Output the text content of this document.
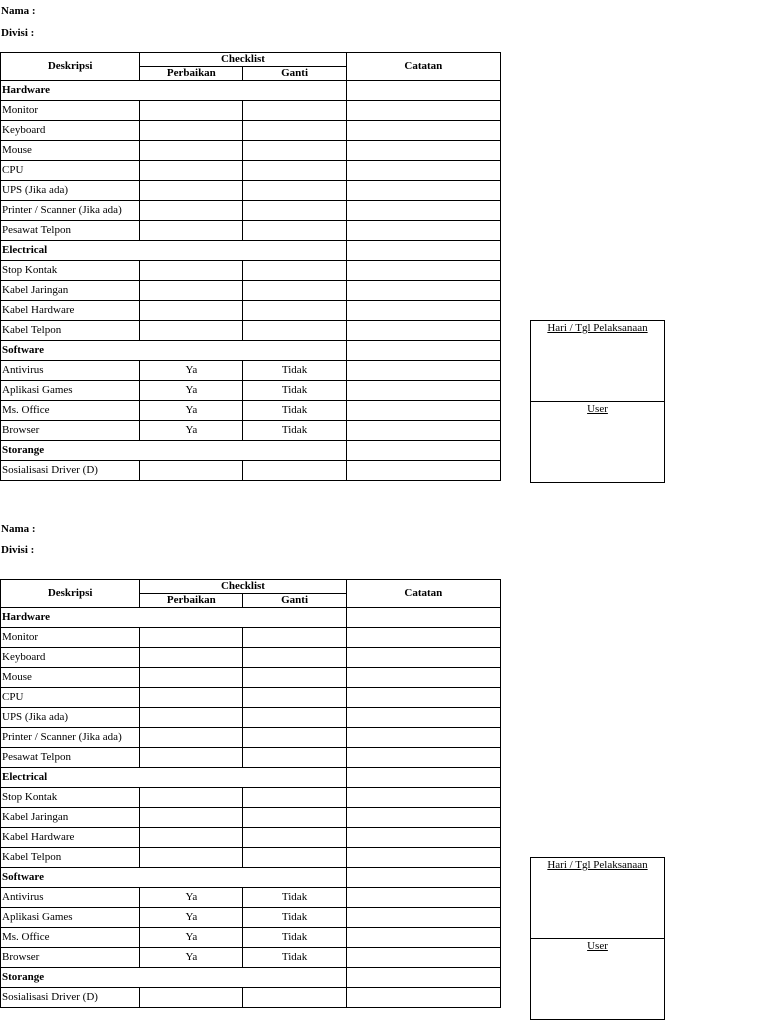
Nama :
Divisi :
Deskripsi	Checklist		Catatan
	Perbaikan	Ganti	
Hardware			
Monitor			
Keyboard			
Mouse			
CPU			
UPS (Jika ada)			
Printer / Scanner (Jika ada)			
Pesawat Telpon			
Electrical			
Stop Kontak			
Kabel Jaringan			
Kabel Hardware			
Kabel Telpon			
Software			
Antivirus	Ya	Tidak	
Aplikasi Games	Ya	Tidak	
Ms. Office	Ya	Tidak	
Browser	Ya	Tidak	
Storange			
Sosialisasi Driver (D)			
Hari / Tgl Pelaksanaan
User
Nama :
Divisi :
Deskripsi	Checklist		Catatan
	Perbaikan	Ganti	
Hardware			
Monitor			
Keyboard			
Mouse			
CPU			
UPS (Jika ada)			
Printer / Scanner (Jika ada)			
Pesawat Telpon			
Electrical			
Stop Kontak			
Kabel Jaringan			
Kabel Hardware			
Kabel Telpon			
Software			
Antivirus	Ya	Tidak	
Aplikasi Games	Ya	Tidak	
Ms. Office	Ya	Tidak	
Browser	Ya	Tidak	
Storange			
Sosialisasi Driver (D)			
Hari / Tgl Pelaksanaan
User
